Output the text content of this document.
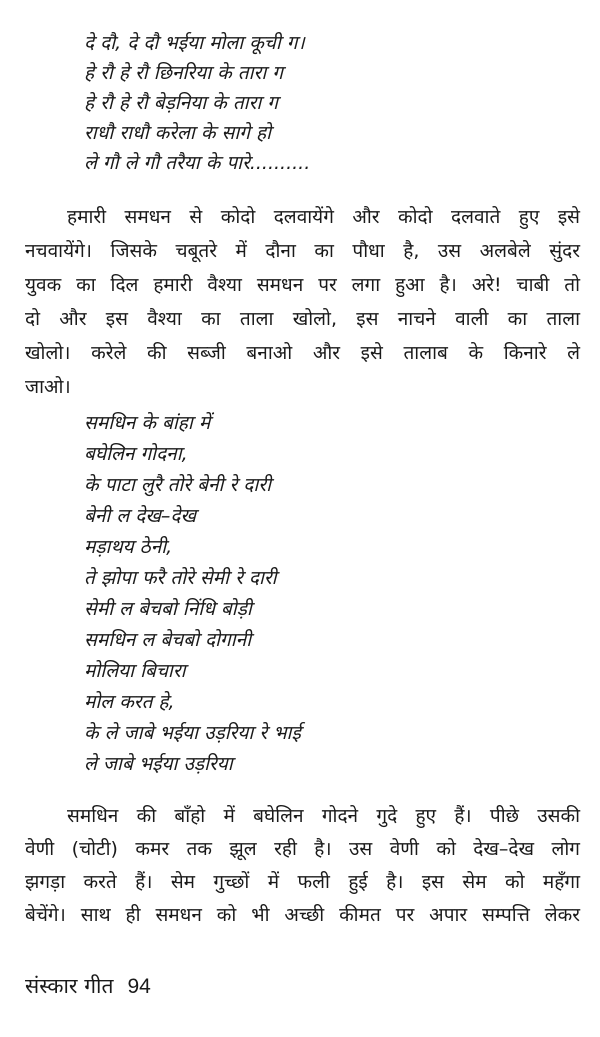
दे दौ, दे दौ भईया मोला कूची ग।
हे रौ हे रौ छिनरिया के तारा ग
हे रौ हे रौ बेड़निया के तारा ग
राधौ राधौ करेला के सागे हो
ले गौ ले गौ तरैया के पारे..........
हमारी समधन से कोदो दलवायेंगे और कोदो दलवाते हुए इसे
नचवायेंगे। जिसके चबूतरे में दौना का पौधा है, उस अलबेले सुंदर
युवक का दिल हमारी वैश्या समधन पर लगा हुआ है। अरे! चाबी तो
दो और इस वैश्या का ताला खोलो, इस नाचने वाली का ताला
खोलो। करेले की सब्जी बनाओ और इसे तालाब के किनारे ले
जाओ।
समधिन के बांहा में
बघेलिन गोदना,
के पाटा लुरै तोरे बेनी रे दारी
बेनी ल देख–देख
मड़ाथय ठेनी,
ते झोपा फरै तोरे सेमी रे दारी
सेमी ल बेचबो निंधि बोड़ी
समधिन ल बेचबो दोगानी
मोलिया बिचारा
मोल करत हे,
के ले जाबे भईया उड़रिया रे भाई
ले जाबे भईया उड़रिया
समधिन की बाँहो में बघेलिन गोदने गुदे हुए हैं। पीछे उसकी
वेणी (चोटी) कमर तक झूल रही है। उस वेणी को देख–देख लोग
झगड़ा करते हैं। सेम गुच्छों में फली हुई है। इस सेम को महँगा
बेचेंगे। साथ ही समधन को भी अच्छी कीमत पर अपार सम्पत्ति लेकर
संस्कार गीत 94
